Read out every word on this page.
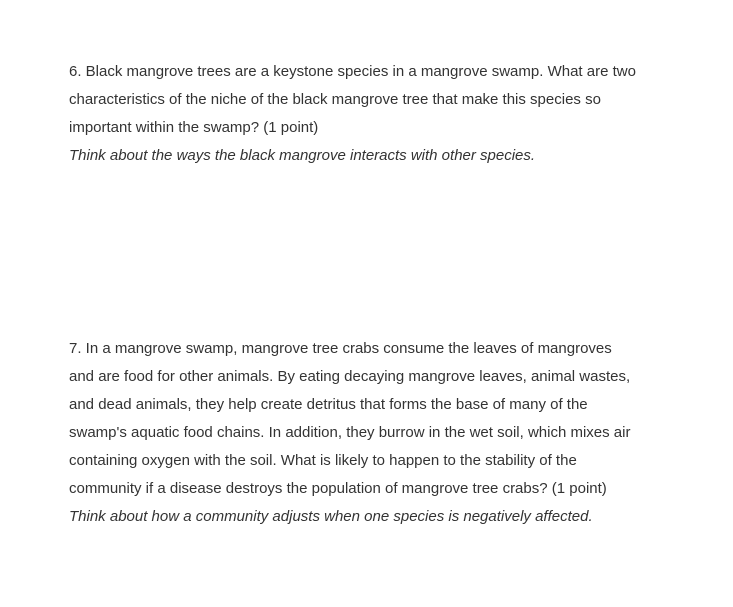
6. Black mangrove trees are a keystone species in a mangrove swamp. What are two
characteristics of the niche of the black mangrove tree that make this species so
important within the swamp? (1 point)
Think about the ways the black mangrove interacts with other species.
7. In a mangrove swamp, mangrove tree crabs consume the leaves of mangroves
and are food for other animals. By eating decaying mangrove leaves, animal wastes,
and dead animals, they help create detritus that forms the base of many of the
swamp's aquatic food chains. In addition, they burrow in the wet soil, which mixes air
containing oxygen with the soil. What is likely to happen to the stability of the
community if a disease destroys the population of mangrove tree crabs? (1 point)
Think about how a community adjusts when one species is negatively affected.
